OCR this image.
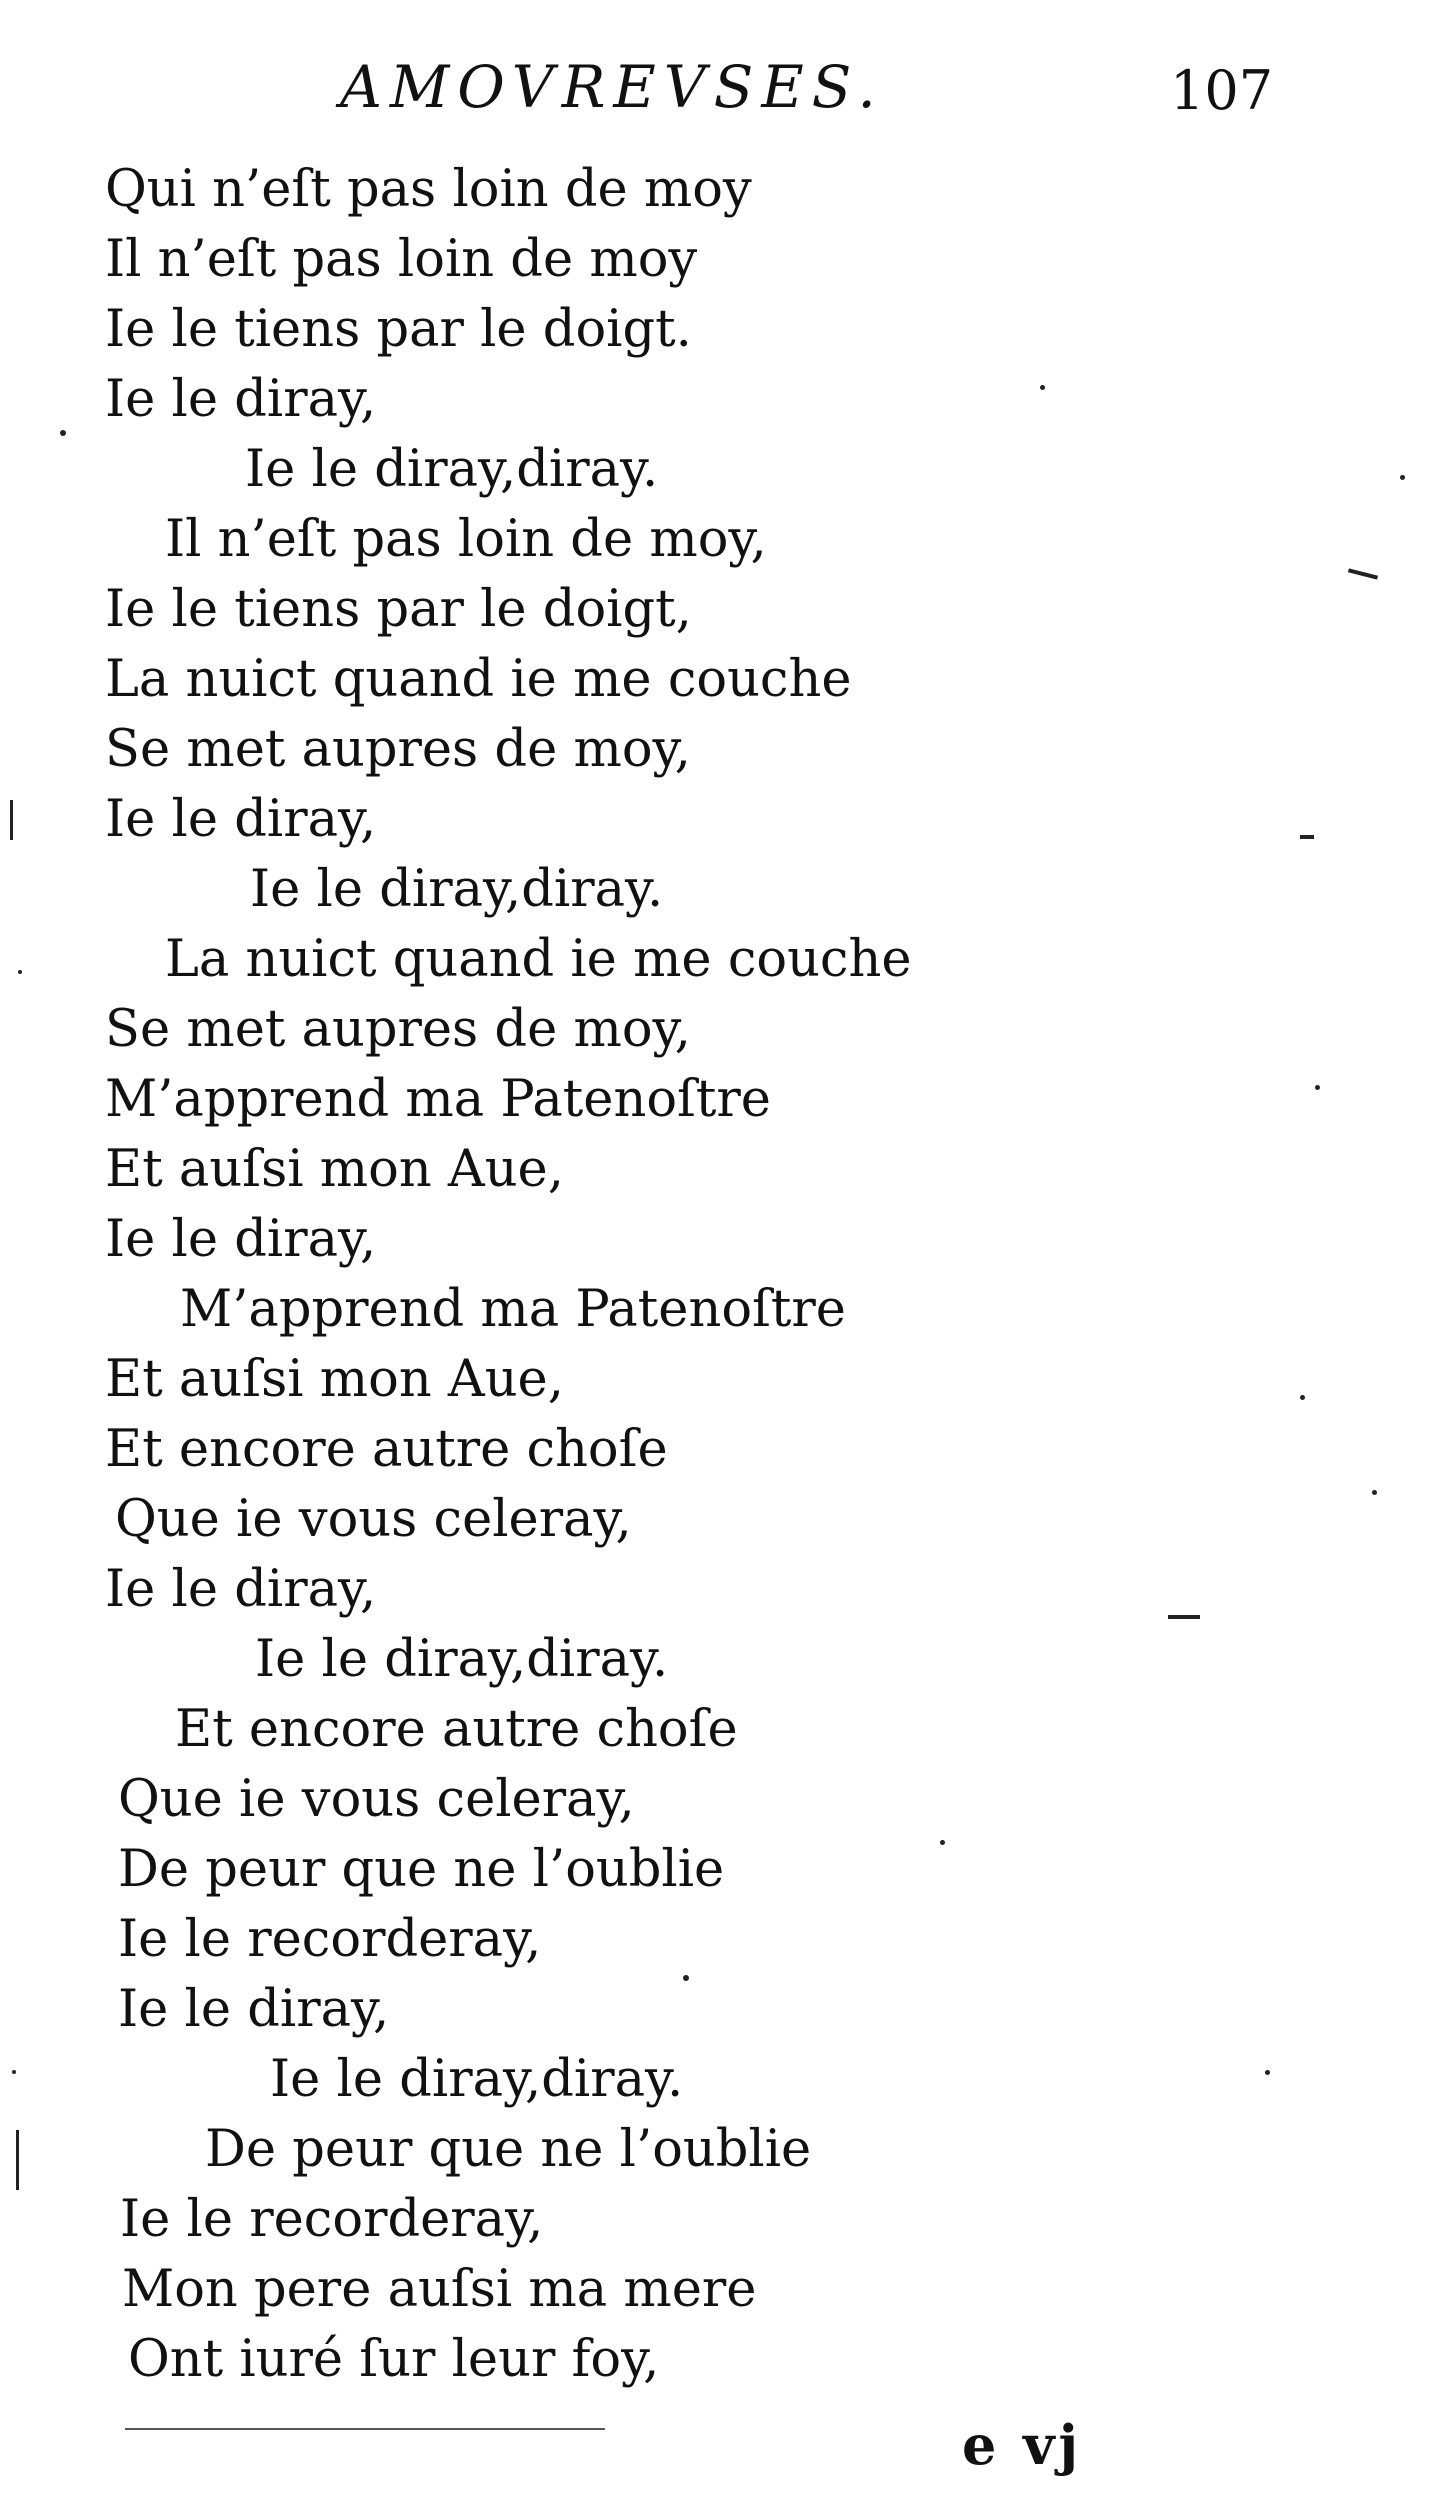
AMOVREVSES.	107
Qui n’eſt pas loin de moy
Il n’eſt pas loin de moy
Ie le tiens par le doigt.
Ie le diray,
Ie le diray,diray.
Il n’eſt pas loin de moy,
Ie le tiens par le doigt,
La nuict quand ie me couche
Se met aupres de moy,
Ie le diray,
Ie le diray,diray.
La nuict quand ie me couche
Se met aupres de moy,
M’apprend ma Patenoſtre
Et auſsi mon Aue,
Ie le diray,
M’apprend ma Patenoſtre
Et auſsi mon Aue,
Et encore autre choſe
Que ie vous celeray,
Ie le diray,
Ie le diray,diray.
Et encore autre choſe
Que ie vous celeray,
De peur que ne l’oublie
Ie le recorderay,
Ie le diray,
Ie le diray,diray.
De peur que ne l’oublie
Ie le recorderay,
Mon pere auſsi ma mere
Ont iuré ſur leur foy,
e vj
